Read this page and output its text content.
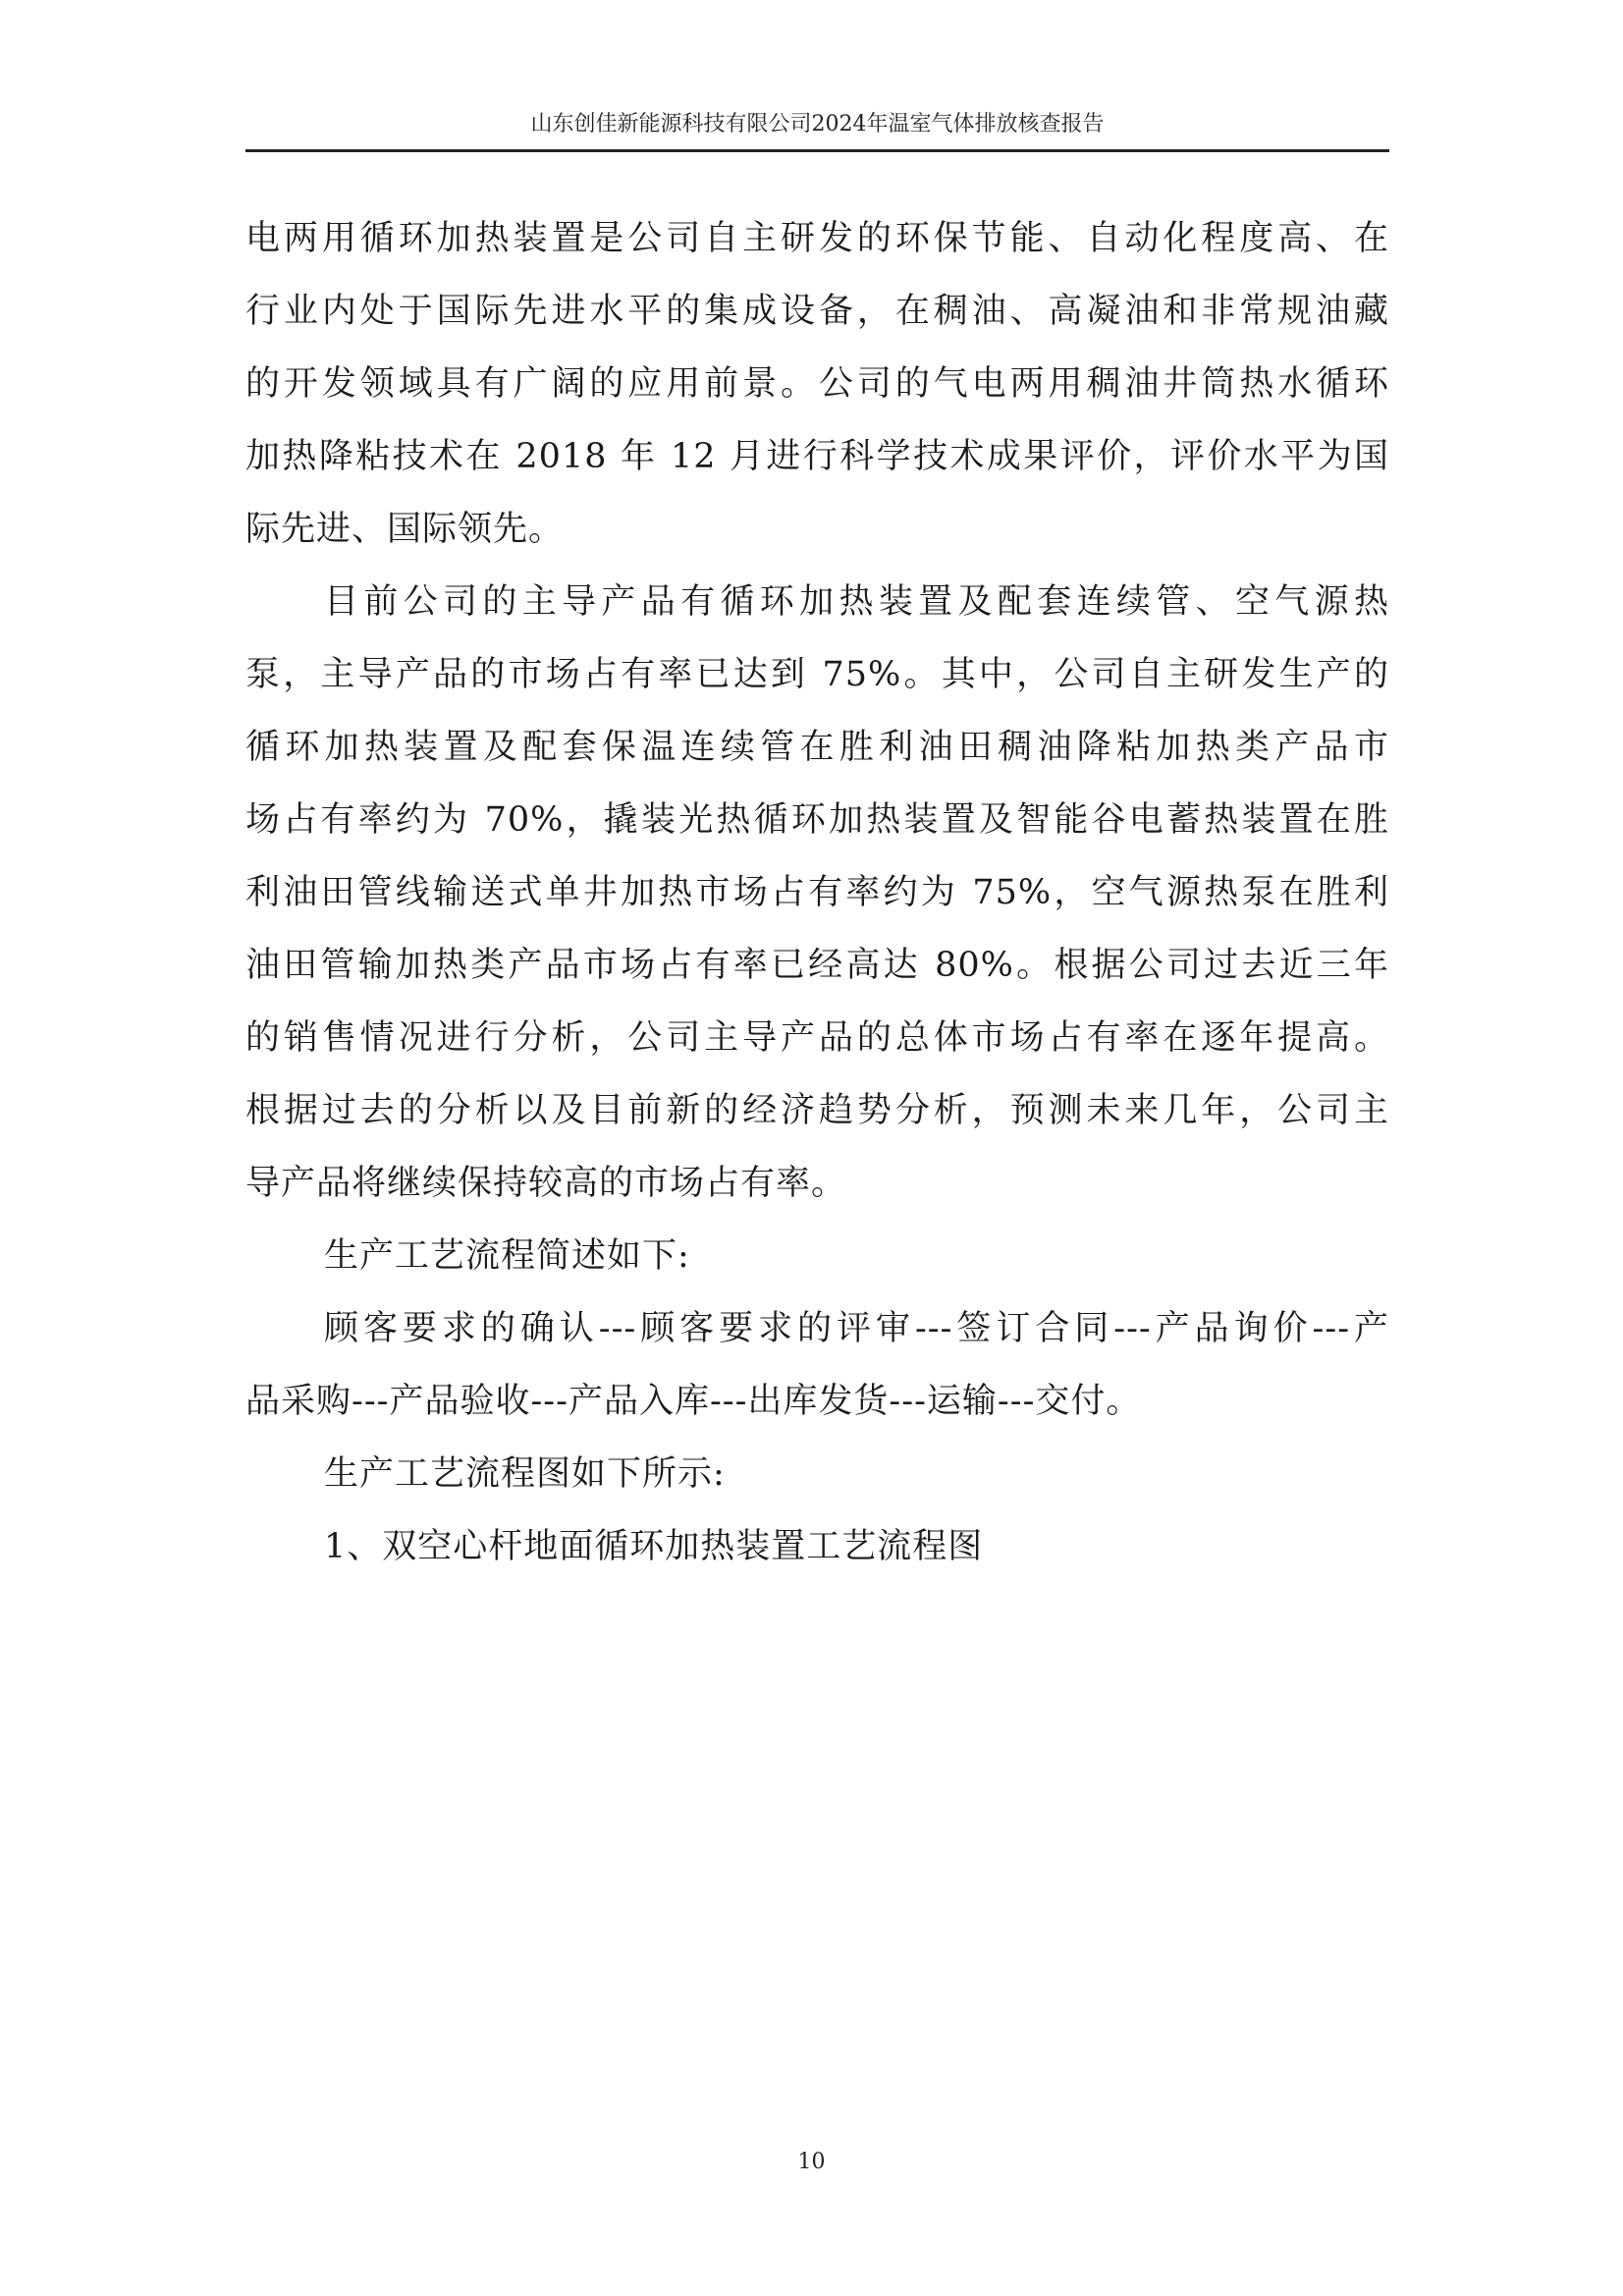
山东创佳新能源科技有限公司2024年温室气体排放核查报告
电两用循环加热装置是公司自主研发的环保节能、自动化程度高、在
行业内处于国际先进水平的集成设备，在稠油、高凝油和非常规油藏
的开发领域具有广阔的应用前景。公司的气电两用稠油井筒热水循环
加热降粘技术在 2018 年 12 月进行科学技术成果评价，评价水平为国
际先进、国际领先。
目前公司的主导产品有循环加热装置及配套连续管、空气源热
泵，主导产品的市场占有率已达到 75%。其中，公司自主研发生产的
循环加热装置及配套保温连续管在胜利油田稠油降粘加热类产品市
场占有率约为 70%，撬装光热循环加热装置及智能谷电蓄热装置在胜
利油田管线输送式单井加热市场占有率约为 75%，空气源热泵在胜利
油田管输加热类产品市场占有率已经高达 80%。根据公司过去近三年
的销售情况进行分析，公司主导产品的总体市场占有率在逐年提高。
根据过去的分析以及目前新的经济趋势分析，预测未来几年，公司主
导产品将继续保持较高的市场占有率。
生产工艺流程简述如下:
顾客要求的确认---顾客要求的评审---签订合同---产品询价---产
品采购---产品验收---产品入库---出库发货---运输---交付。
生产工艺流程图如下所示:
1、双空心杆地面循环加热装置工艺流程图
10
